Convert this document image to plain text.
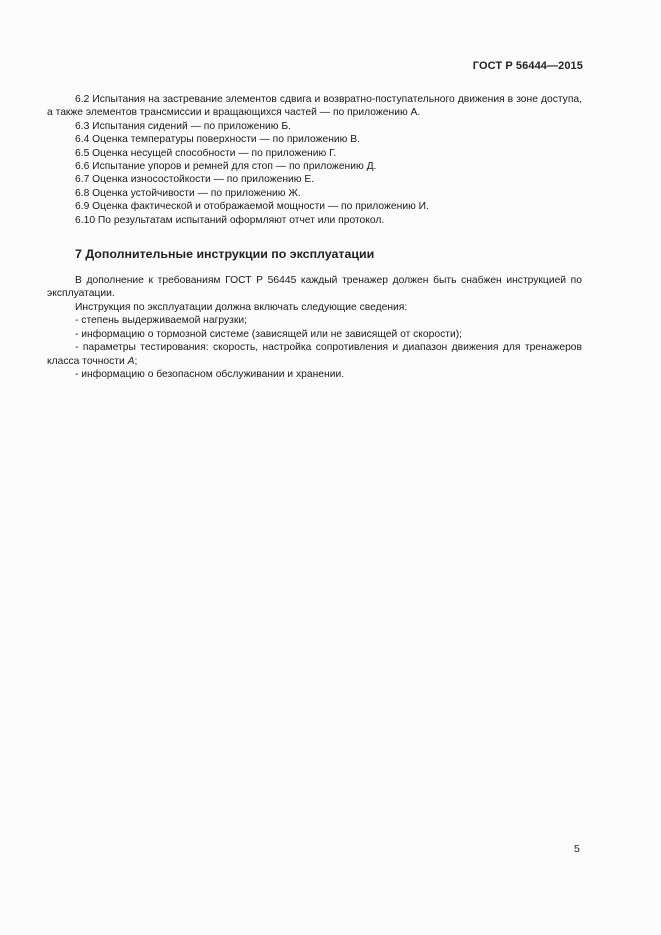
ГОСТ Р 56444—2015

6.2 Испытания на застревание элементов сдвига и возвратно-поступательного движения в зоне доступа, а также элементов трансмиссии и вращающихся частей — по приложению А.

6.3 Испытания сидений — по приложению Б.

6.4 Оценка температуры поверхности — по приложению В.

6.5 Оценка несущей способности — по приложению Г.

6.6 Испытание упоров и ремней для стоп — по приложению Д.

6.7 Оценка износостойкости — по приложению Е.

6.8 Оценка устойчивости — по приложению Ж.

6.9 Оценка фактической и отображаемой мощности — по приложению И.

6.10 По результатам испытаний оформляют отчет или протокол.

7 Дополнительные инструкции по эксплуатации

В дополнение к требованиям ГОСТ Р 56445 каждый тренажер должен быть снабжен инструкцией по эксплуатации.

Инструкция по эксплуатации должна включать следующие сведения:

- степень выдерживаемой нагрузки;

- информацию о тормозной системе (зависящей или не зависящей от скорости);

- параметры тестирования: скорость, настройка сопротивления и диапазон движения для тренажеров класса точности А;

- информацию о безопасном обслуживании и хранении.

5
